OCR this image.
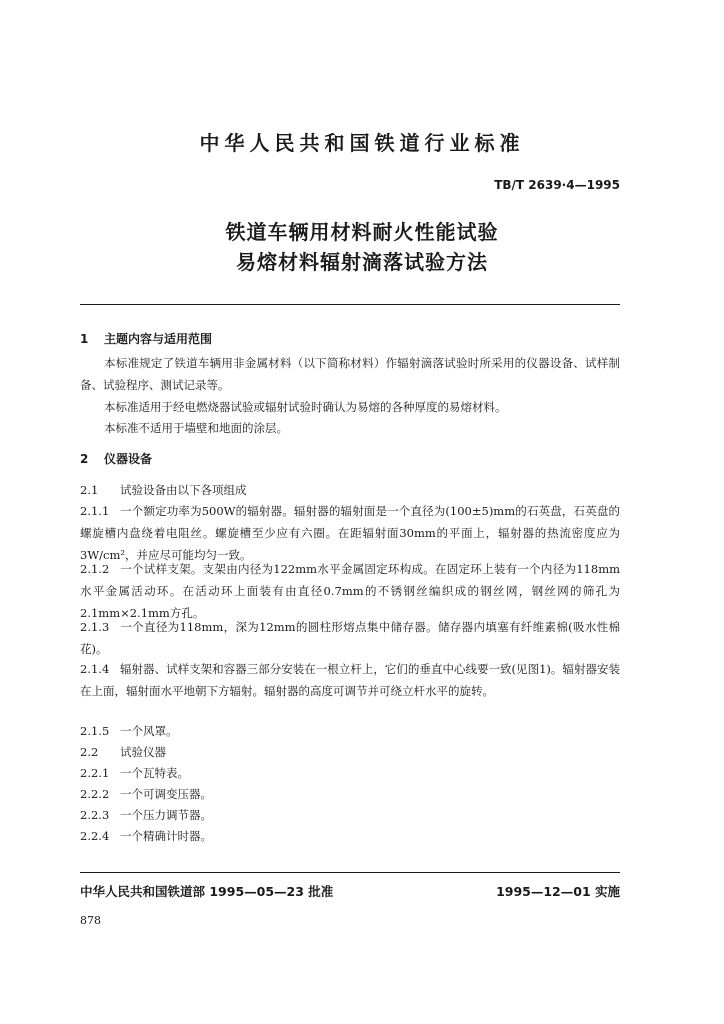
中华人民共和国铁道行业标准
TB/T 2639·4—1995
铁道车辆用材料耐火性能试验
易熔材料辐射滴落试验方法
1 主题内容与适用范围
本标准规定了铁道车辆用非金属材料（以下简称材料）作辐射滴落试验时所采用的仪器设备、试样制备、试验程序、测试记录等。
本标准适用于经电燃烧器试验或辐射试验时确认为易熔的各种厚度的易熔材料。
本标准不适用于墙壁和地面的涂层。
2 仪器设备
2.1 试验设备由以下各项组成
2.1.1 一个额定功率为500W的辐射器。辐射器的辐射面是一个直径为(100±5)mm的石英盘，石英盘的螺旋槽内盘绕着电阻丝。螺旋槽至少应有六圈。在距辐射面30mm的平面上，辐射器的热流密度应为3W/cm²，并应尽可能均匀一致。
2.1.2 一个试样支架。支架由内径为122mm水平金属固定环构成。在固定环上装有一个内径为118mm水平金属活动环。在活动环上面装有由直径0.7mm的不锈钢丝编织成的钢丝网，钢丝网的筛孔为2.1mm×2.1mm方孔。
2.1.3 一个直径为118mm，深为12mm的圆柱形熔点集中储存器。储存器内填塞有纤维素棉(吸水性棉花)。
2.1.4 辐射器、试样支架和容器三部分安装在一根立杆上，它们的垂直中心线要一致(见图1)。辐射器安装在上面，辐射面水平地朝下方辐射。辐射器的高度可调节并可绕立杆水平的旋转。
2.1.5 一个风罩。
2.2 试验仪器
2.2.1 一个瓦特表。
2.2.2 一个可调变压器。
2.2.3 一个压力调节器。
2.2.4 一个精确计时器。
中华人民共和国铁道部 1995—05—23 批准	1995—12—01 实施
878
